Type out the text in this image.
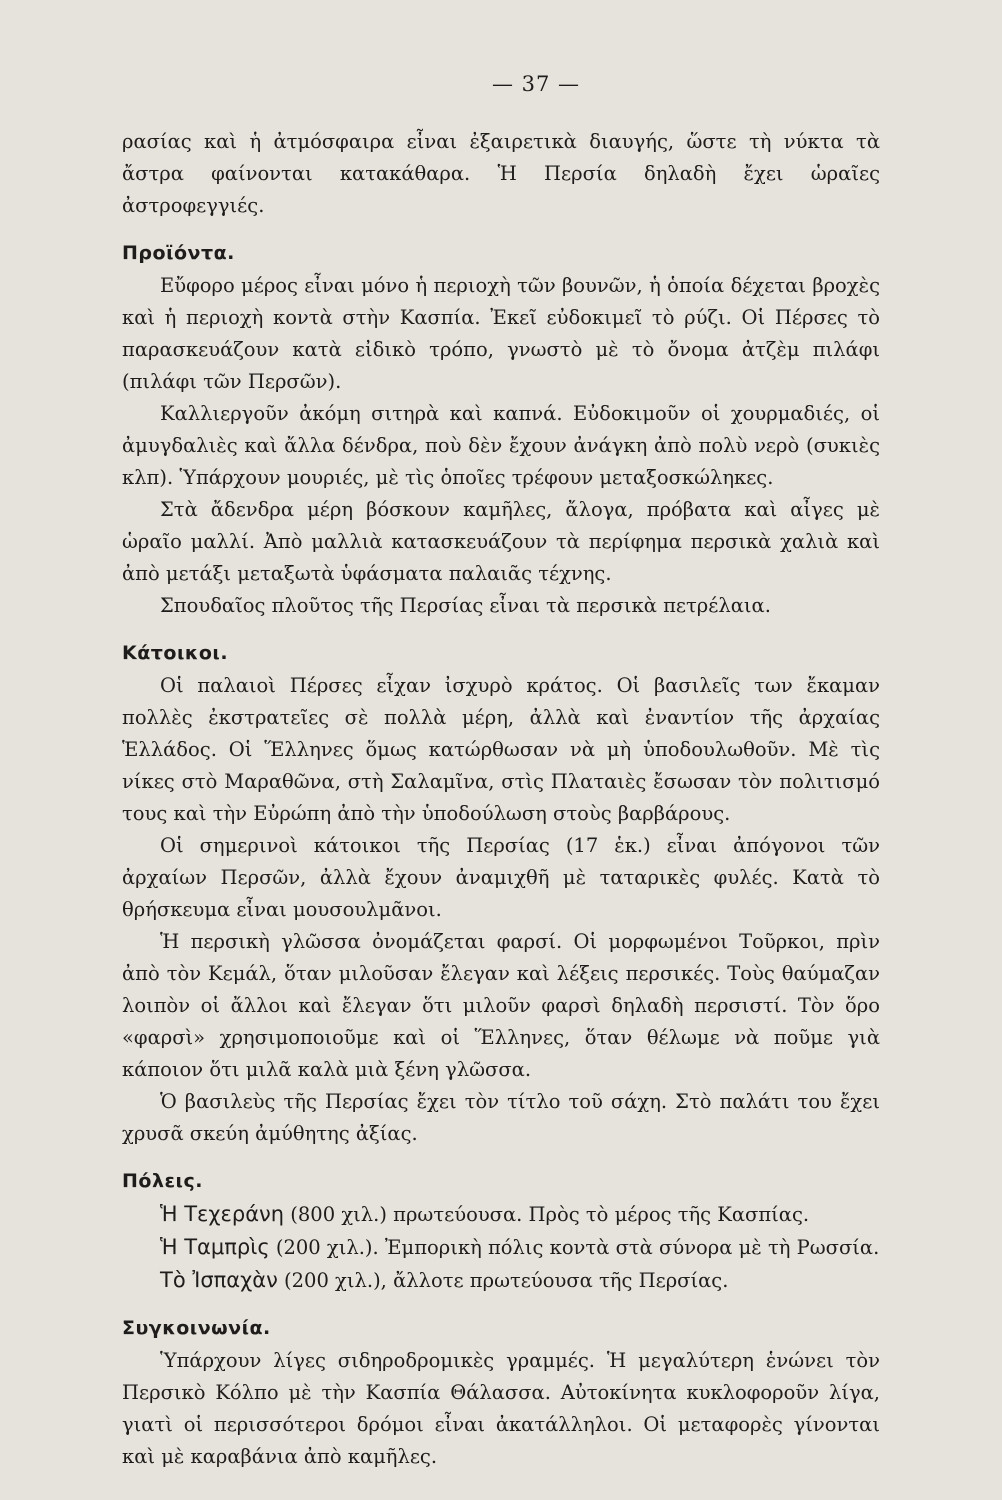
— 37 —

ρασίας καὶ ἡ ἀτμόσφαιρα εἶναι ἐξαιρετικὰ διαυγής, ὥστε τὴ νύκτα τὰ ἄστρα φαίνονται κατακάθαρα. Ἡ Περσία δηλαδὴ ἔχει ὡραῖες ἀστροφεγγιές.

Προϊόντα.

Εὔφορο μέρος εἶναι μόνο ἡ περιοχὴ τῶν βουνῶν, ἡ ὁποία δέχεται βροχὲς καὶ ἡ περιοχὴ κοντὰ στὴν Κασπία. Ἐκεῖ εὐδοκιμεῖ τὸ ρύζι. Οἱ Πέρσες τὸ παρασκευάζουν κατὰ εἰδικὸ τρόπο, γνωστὸ μὲ τὸ ὄνομα ἀτζὲμ πιλάφι (πιλάφι τῶν Περσῶν).

Καλλιεργοῦν ἀκόμη σιτηρὰ καὶ καπνά. Εὐδοκιμοῦν οἱ χουρμαδιές, οἱ ἀμυγδαλιὲς καὶ ἄλλα δένδρα, ποὺ δὲν ἔχουν ἀνάγκη ἀπὸ πολὺ νερὸ (συκιὲς κλπ). Ὑπάρχουν μουριές, μὲ τὶς ὁποῖες τρέφουν μεταξοσκώληκες.

Στὰ ἄδενδρα μέρη βόσκουν καμῆλες, ἄλογα, πρόβατα καὶ αἶγες μὲ ὡραῖο μαλλί. Ἀπὸ μαλλιὰ κατασκευάζουν τὰ περίφημα περσικὰ χαλιὰ καὶ ἀπὸ μετάξι μεταξωτὰ ὑφάσματα παλαιᾶς τέχνης.

Σπουδαῖος πλοῦτος τῆς Περσίας εἶναι τὰ περσικὰ πετρέλαια.

Κάτοικοι.

Οἱ παλαιοὶ Πέρσες εἶχαν ἰσχυρὸ κράτος. Οἱ βασιλεῖς των ἔκαμαν πολλὲς ἐκστρατεῖες σὲ πολλὰ μέρη, ἀλλὰ καὶ ἐναντίον τῆς ἀρχαίας Ἑλλάδος. Οἱ Ἕλληνες ὅμως κατώρθωσαν νὰ μὴ ὑποδουλωθοῦν. Μὲ τὶς νίκες στὸ Μαραθῶνα, στὴ Σαλαμῖνα, στὶς Πλαταιὲς ἔσωσαν τὸν πολιτισμό τους καὶ τὴν Εὐρώπη ἀπὸ τὴν ὑποδούλωση στοὺς βαρβάρους.

Οἱ σημερινοὶ κάτοικοι τῆς Περσίας (17 ἑκ.) εἶναι ἀπόγονοι τῶν ἀρχαίων Περσῶν, ἀλλὰ ἔχουν ἀναμιχθῆ μὲ ταταρικὲς φυλές. Κατὰ τὸ θρήσκευμα εἶναι μουσουλμᾶνοι.

Ἡ περσικὴ γλῶσσα ὀνομάζεται φαρσί. Οἱ μορφωμένοι Τοῦρκοι, πρὶν ἀπὸ τὸν Κεμάλ, ὅταν μιλοῦσαν ἔλεγαν καὶ λέξεις περσικές. Τοὺς θαύμαζαν λοιπὸν οἱ ἄλλοι καὶ ἔλεγαν ὅτι μιλοῦν φαρσὶ δηλαδὴ περσιστί. Τὸν ὅρο «φαρσὶ» χρησιμοποιοῦμε καὶ οἱ Ἕλληνες, ὅταν θέλωμε νὰ ποῦμε γιὰ κάποιον ὅτι μιλᾶ καλὰ μιὰ ξένη γλῶσσα.

Ὁ βασιλεὺς τῆς Περσίας ἔχει τὸν τίτλο τοῦ σάχη. Στὸ παλάτι του ἔχει χρυσᾶ σκεύη ἀμύθητης ἀξίας.

Πόλεις.
Ἡ Τεχεράνη (800 χιλ.) πρωτεύουσα. Πρὸς τὸ μέρος τῆς Κασπίας.
Ἡ Ταμπρὶς (200 χιλ.). Ἐμπορικὴ πόλις κοντὰ στὰ σύνορα μὲ τὴ Ρωσσία.
Τὸ Ἰσπαχὰν (200 χιλ.), ἄλλοτε πρωτεύουσα τῆς Περσίας.
Συγκοινωνία.

Ὑπάρχουν λίγες σιδηροδρομικὲς γραμμές. Ἡ μεγαλύτερη ἑνώνει τὸν Περσικὸ Κόλπο μὲ τὴν Κασπία Θάλασσα. Αὐτοκίνητα κυκλοφοροῦν λίγα, γιατὶ οἱ περισσότεροι δρόμοι εἶναι ἀκατάλληλοι. Οἱ μεταφορὲς γίνονται καὶ μὲ καραβάνια ἀπὸ καμῆλες.
